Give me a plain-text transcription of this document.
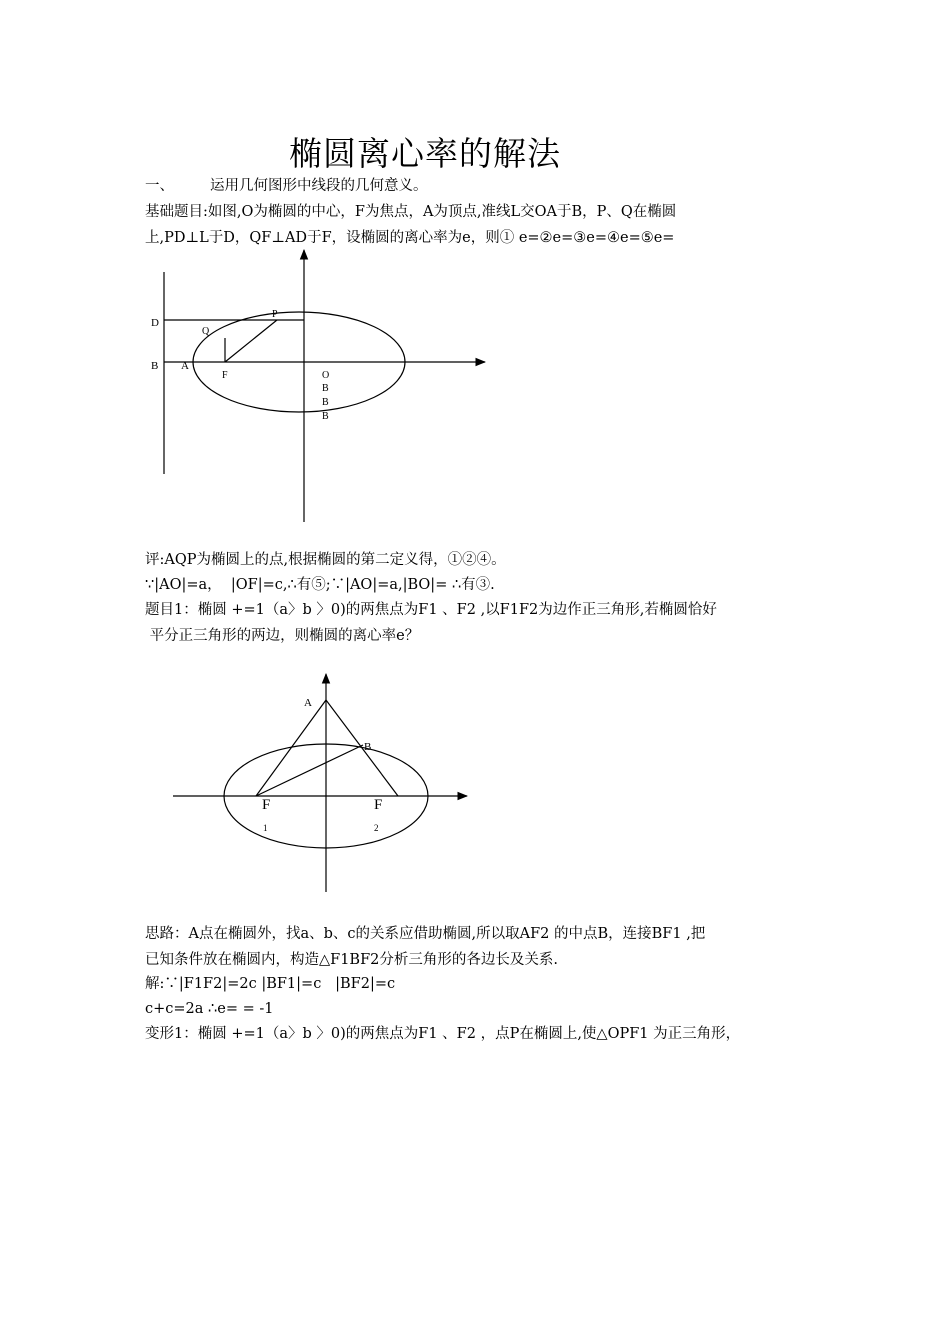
椭圆离心率的解法
一、 运用几何图形中线段的几何意义。
基础题目:如图,O为椭圆的中心，F为焦点，A为顶点,准线L交OA于B，P、Q在椭圆
上,PD⊥L于D，QF⊥AD于F，设椭圆的离心率为e，则① e=②e=③e=④e=⑤e=
D
B A
F
P
Q
O
B
B
B
评:AQP为椭圆上的点,根据椭圆的第二定义得，①②④。
∵|AO|=a，  |OF|=c,∴有⑤;∵|AO|=a,|BO|= ∴有③.
题目1：椭圆 +=1（a〉b 〉0)的两焦点为F1 、F2 ,以F1F2为边作正三角形,若椭圆恰好
平分正三角形的两边，则椭圆的离心率e？
A
B
F
1
F
2
思路：A点在椭圆外，找a、b、c的关系应借助椭圆,所以取AF2 的中点B，连接BF1 ,把
已知条件放在椭圆内，构造△F1BF2分析三角形的各边长及关系.
解:∵|F1F2|=2c |BF1|=c   |BF2|=c
c+c=2a ∴e= = -1
变形1：椭圆 +=1（a〉b 〉0)的两焦点为F1 、F2 ，点P在椭圆上,使△OPF1 为正三角形，
